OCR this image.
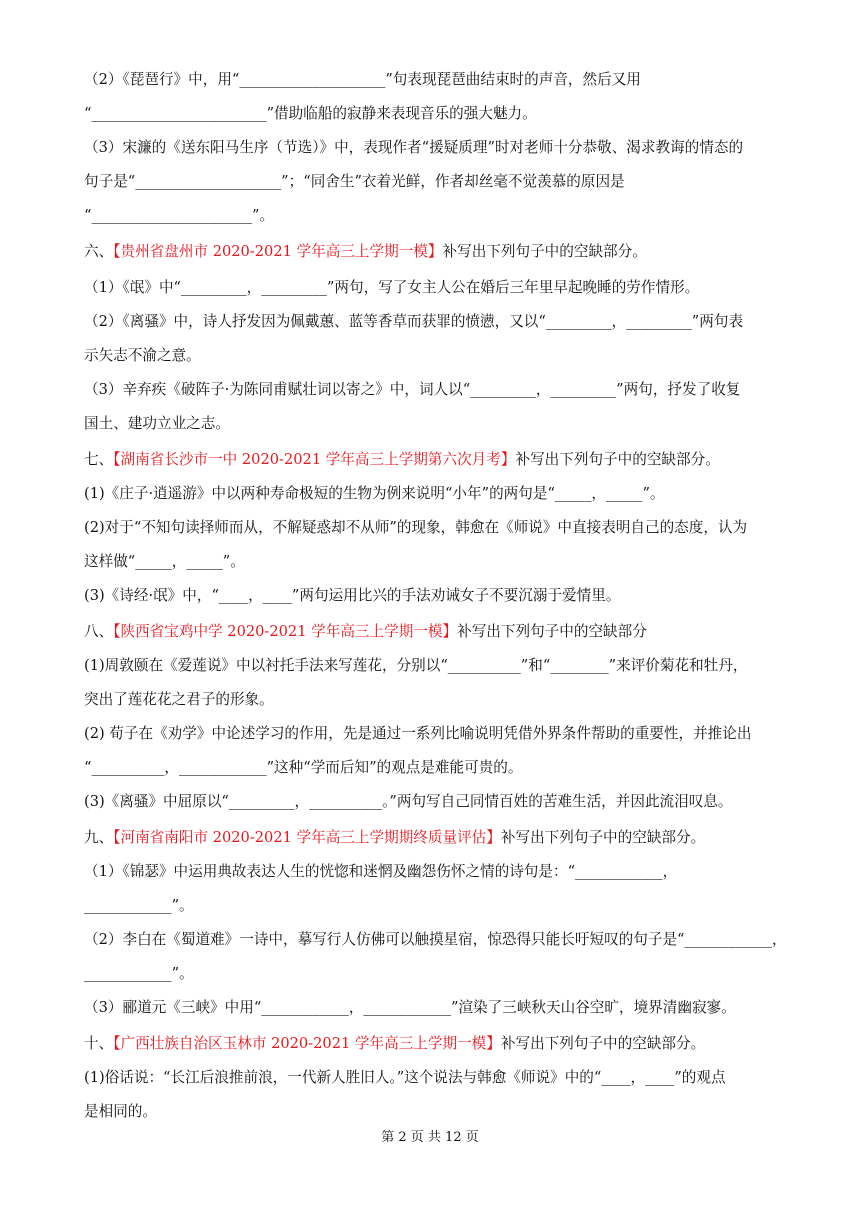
（2）《琵琶行》中，用“____________________”句表现琵琶曲结束时的声音，然后又用
“________________________”借助临船的寂静来表现音乐的强大魅力。
（3）宋濂的《送东阳马生序（节选）》中，表现作者“援疑质理”时对老师十分恭敬、渴求教诲的情态的
句子是“____________________”；“同舍生”衣着光鲜，作者却丝毫不觉羡慕的原因是
“______________________”。
六、【贵州省盘州市 2020-2021 学年高三上学期一模】补写出下列句子中的空缺部分。
（1）《氓》中“_________，_________”两句，写了女主人公在婚后三年里早起晚睡的劳作情形。
（2）《离骚》中，诗人抒发因为佩戴蕙、蓝等香草而获罪的愤懑，又以“_________，_________”两句表
示矢志不渝之意。
（3）辛弃疾《破阵子·为陈同甫赋壮词以寄之》中，词人以“_________，_________”两句，抒发了收复
国土、建功立业之志。
七、【湖南省长沙市一中 2020-2021 学年高三上学期第六次月考】补写出下列句子中的空缺部分。
(1)《庄子·逍遥游》中以两种寿命极短的生物为例来说明“小年”的两句是“_____，_____”。
(2)对于“不知句读择师而从，不解疑惑却不从师”的现象，韩愈在《师说》中直接表明自己的态度，认为
这样做“_____，_____”。
(3)《诗经·氓》中，“____，____”两句运用比兴的手法劝诫女子不要沉溺于爱情里。
八、【陕西省宝鸡中学 2020-2021 学年高三上学期一模】补写出下列句子中的空缺部分
(1)周敦颐在《爱莲说》中以衬托手法来写莲花，分别以“__________”和“________”来评价菊花和牡丹，
突出了莲花花之君子的形象。
(2) 荀子在《劝学》中论述学习的作用，先是通过一系列比喻说明凭借外界条件帮助的重要性，并推论出
“__________，____________”这种“学而后知”的观点是难能可贵的。
(3)《离骚》中屈原以“_________，__________。”两句写自己同情百姓的苦难生活，并因此流泪叹息。
九、【河南省南阳市 2020-2021 学年高三上学期期终质量评估】补写出下列句子中的空缺部分。
（1）《锦瑟》中运用典故表达人生的恍惚和迷惘及幽怨伤怀之情的诗句是：“____________，
____________”。
（2）李白在《蜀道难》一诗中，摹写行人仿佛可以触摸星宿，惊恐得只能长吁短叹的句子是“____________，
____________”。
（3）郦道元《三峡》中用“____________，____________”渲染了三峡秋天山谷空旷，境界清幽寂寥。
十、【广西壮族自治区玉林市 2020-2021 学年高三上学期一模】补写出下列句子中的空缺部分。
(1)俗话说：“长江后浪推前浪，一代新人胜旧人。”这个说法与韩愈《师说》中的“____，____”的观点
是相同的。
第 2 页 共 12 页
